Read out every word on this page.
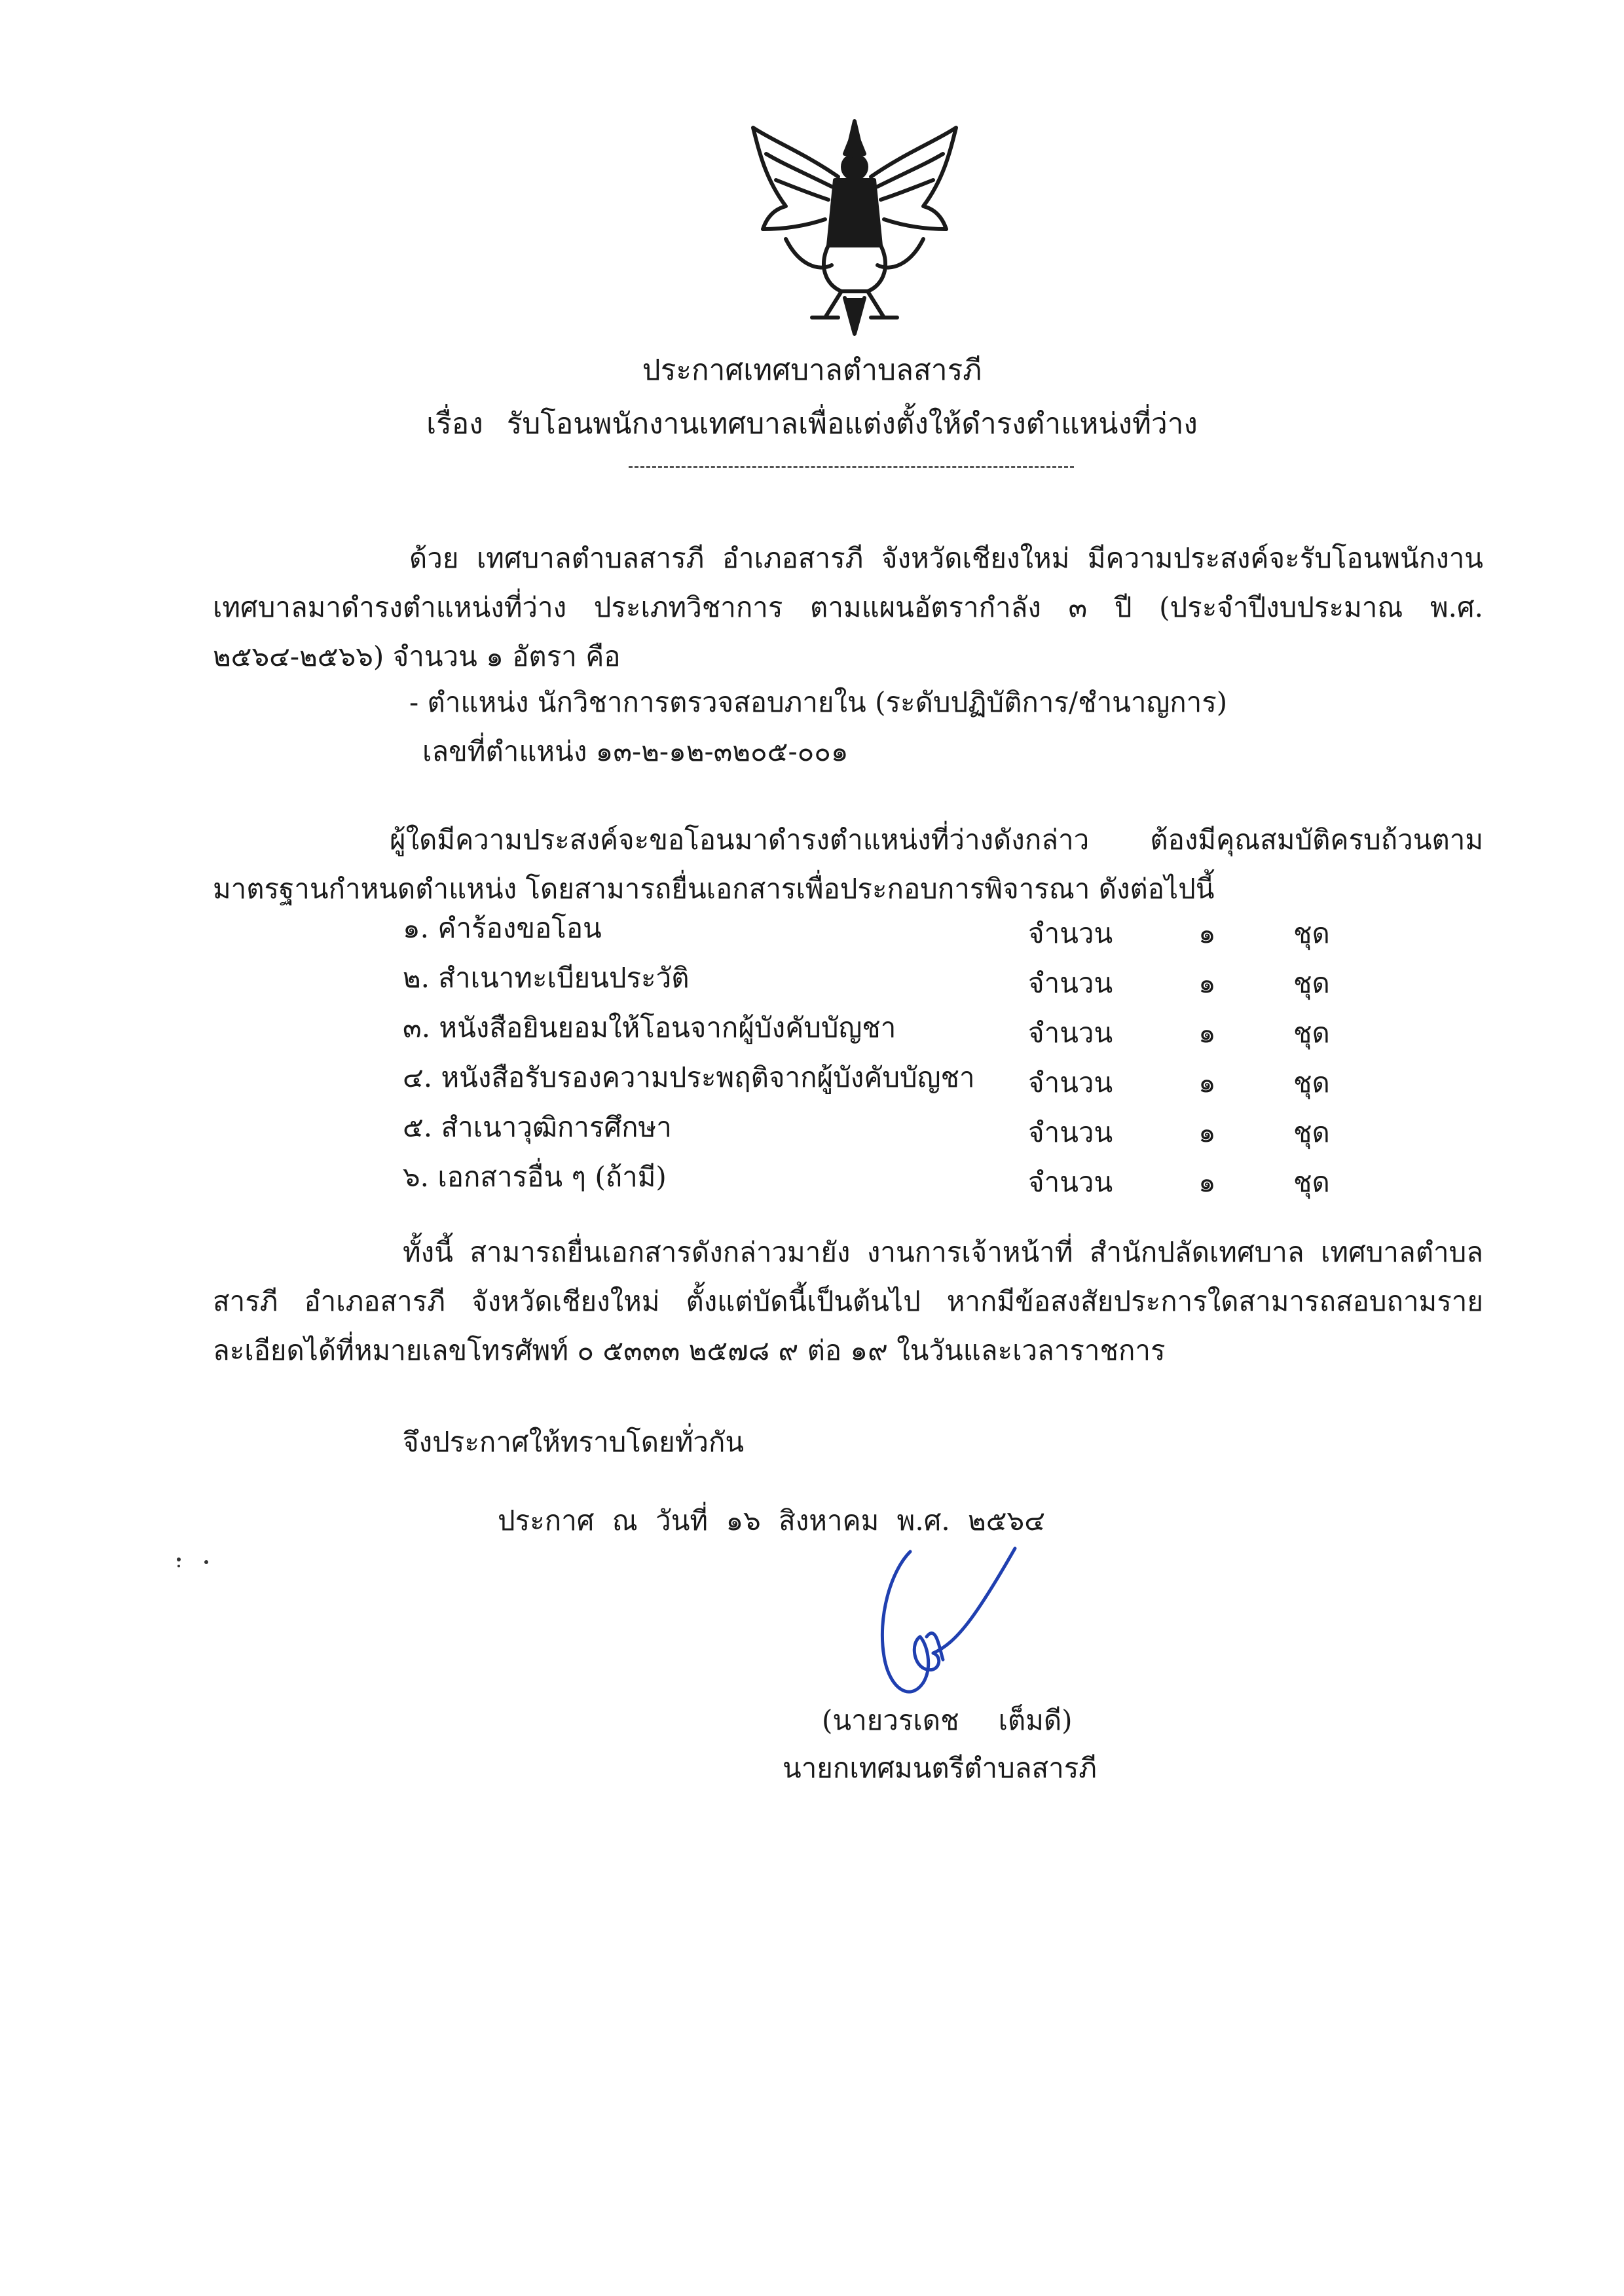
ประกาศเทศบาลตำบลสารภี
เรื่อง รับโอนพนักงานเทศบาลเพื่อแต่งตั้งให้ดำรงตำแหน่งที่ว่าง
ด้วย เทศบาลตำบลสารภี อำเภอสารภี จังหวัดเชียงใหม่ มีความประสงค์จะรับโอนพนักงานเทศบาลมาดำรงตำแหน่งที่ว่าง ประเภทวิชาการ ตามแผนอัตรากำลัง ๓ ปี (ประจำปีงบประมาณ พ.ศ. ๒๕๖๔-๒๕๖๖) จำนวน ๑ อัตรา คือ
- ตำแหน่ง นักวิชาการตรวจสอบภายใน (ระดับปฏิบัติการ/ชำนาญการ)
เลขที่ตำแหน่ง ๑๓-๒-๑๒-๓๒๐๕-๐๐๑
ผู้ใดมีความประสงค์จะขอโอนมาดำรงตำแหน่งที่ว่างดังกล่าว ต้องมีคุณสมบัติครบถ้วนตามมาตรฐานกำหนดตำแหน่ง โดยสามารถยื่นเอกสารเพื่อประกอบการพิจารณา ดังต่อไปนี้
๑. คำร้องขอโอน	จำนวน	๑	ชุด
๒. สำเนาทะเบียนประวัติ	จำนวน	๑	ชุด
๓. หนังสือยินยอมให้โอนจากผู้บังคับบัญชา	จำนวน	๑	ชุด
๔. หนังสือรับรองความประพฤติจากผู้บังคับบัญชา จำนวน	๑	ชุด
๕. สำเนาวุฒิการศึกษา	จำนวน	๑	ชุด
๖. เอกสารอื่น ๆ (ถ้ามี)	จำนวน	๑	ชุด
ทั้งนี้ สามารถยื่นเอกสารดังกล่าวมายัง งานการเจ้าหน้าที่ สำนักปลัดเทศบาล เทศบาลตำบลสารภี อำเภอสารภี จังหวัดเชียงใหม่ ตั้งแต่บัดนี้เป็นต้นไป หากมีข้อสงสัยประการใดสามารถสอบถามรายละเอียดได้ที่หมายเลขโทรศัพท์ ๐ ๕๓๓๓ ๒๕๗๘ ๙ ต่อ ๑๙ ในวันและเวลาราชการ
จึงประกาศให้ทราบโดยทั่วกัน
ประกาศ ณ วันที่ ๑๖ สิงหาคม พ.ศ. ๒๕๖๔
(นายวรเดช เต็มดี)
นายกเทศมนตรีตำบลสารภี
